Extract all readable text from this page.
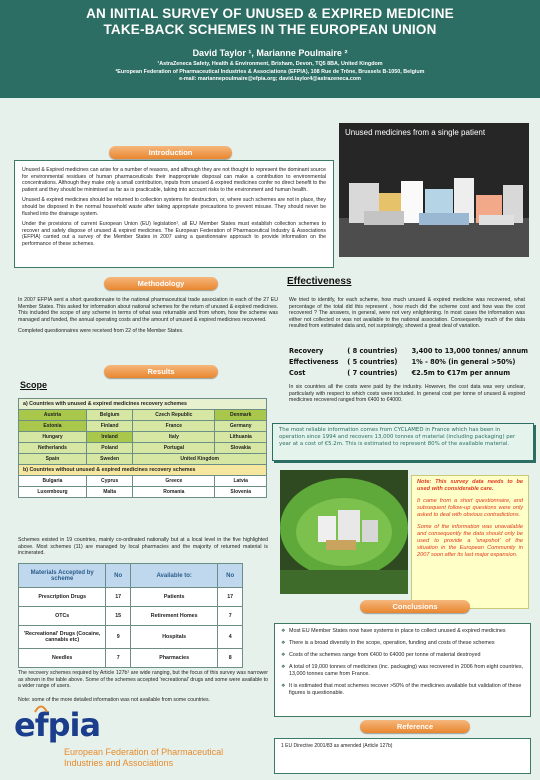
AN INITIAL SURVEY OF UNUSED & EXPIRED MEDICINE
TAKE-BACK SCHEMES IN THE EUROPEAN UNION
David Taylor ¹, Marianne Poulmaire ²
¹AstraZeneca Safety, Health & Environment, Brixham, Devon, TQ5 8BA, United Kingdom
²European Federation of Pharmaceutical Industries & Associations (EFPIA), 108 Rue de Trône, Brussels B-1050, Belgium
e-mail: mariannepoulmaire@efpia.org; david.taylor4@astrazeneca.com
Introduction

Unused & Expired medicines can arise for a number of reasons, and although they are not thought to represent the dominant source for environmental residues of human pharmaceuticals their inappropriate disposal can make a contribution to environmental concentrations. Although they make only a small contribution, inputs from unused & expired medicines confer no direct benefit to the patient and they should be minimised as far as is practicable, taking into account risks to the environment and human health.

Unused & expired medicines should be returned to collection systems for destruction, or, where such schemes are not in place, they should be disposed in the normal household waste after taking appropriate precautions to prevent misuse. They should never be flushed into the drainage system.

Under the provisions of current European Union (EU) legislation¹, all EU Member States must establish collection schemes to recover and safely dispose of unused & expired medicines. The European Federation of Pharmaceutical Industry & Associations (EFPIA) carried out a survey of the Member States in 2007 using a questionnaire approach to provide information on the performance of these schemes.

Unused medicines from a single patient
Methodology

In 2007 EFPIA sent a short questionnaire to the national pharmaceutical trade association in each of the 27 EU Member States. This asked for information about national schemes for the return of unused & expired medicines. This included the scope of any scheme in terms of what was returnable and from whom, how the scheme was managed and funded, the annual operating costs and the amount of unused & expired medicines recovered.

Completed questionnaires were received from 22 of the Member States.

Results
Scope
a) Countries with unused & expired medicines recovery schemes			
Austria	Belgium	Czech Republic	Denmark
Estonia	Finland	France	Germany
Hungary	Ireland	Italy	Lithuania
Netherlands	Poland	Portugal	Slovakia
Spain	Sweden	United Kingdom	
b) Countries without unused & expired medicines recovery schemes			
Bulgaria	Cyprus	Greece	Latvia
Luxembourg	Malta	Romania	Slovenia
Schemes existed in 19 countries, mainly co-ordinated nationally but at a local level in the five highlighted above. Most schemes (11) are managed by local pharmacies and the majority of returned material is incinerated.
Materials Accepted by scheme	No	Available to:	No
Prescription Drugs	17	Patients	17
OTCs	15	Retirement Homes	7
'Recreational' Drugs (Cocaine, cannabis etc)	9	Hospitals	4
Needles	7	Pharmacies	8
The recovery schemes required by Article 127b¹ are wide ranging, but the focus of this survey was narrower as shown in the table above. Some of the schemes accepted 'recreational' drugs and some were available to a wider range of users.
Note: some of the more detailed information was not available from some countries.
Effectiveness
We tried to identify, for each scheme, how much unused & expired medicine was recovered, what percentage of the total did this represent , how much did the scheme cost and how was the cost recovered ? The answers, in general, were not very enlightening. In most cases the information was either not collected or was not available to the national association. Consequently much of the data resulted from estimated data and, not surprisingly, showed a great deal of variation.
Recovery	( 8 countries) 3,400 to 13,000 tonnes/ annum
Effectiveness ( 5 countries) 1% - 80% (in general >50%)
Cost	( 7 countries) €2.5m to €17m per annum
In six countries all the costs were paid by the industry. However, the cost data was very unclear, particularly with respect to which costs were included. In general cost per tonne of unused & expired medicines recovered ranged from €400 to €4000.
The most reliable information comes from CYCLAMED in France which has been in operation since 1994 and recovers 13,000 tonnes of material (including packaging) per year at a cost of €5.2m. This is estimated to represent 80% of the available material.

Note: This survey data needs to be used with considerable care.

It came from a short questionnaire, and subsequent follow-up questions were only asked to deal with obvious contradictions.

Some of the information was unavailable and consequently the data should only be used to provide a 'snapshot' of the situation in the European Community in 2007 soon after its last major expansion.

Conclusions
❖ Most EU Member States now have systems in place to collect unused & expired medicines
❖ There is a broad diversity in the scope, operation, funding and costs of these schemes
❖ Costs of the schemes range from €400 to €4000 per tonne of material destroyed
❖ A total of 19,000 tonnes of medicines (inc. packaging) was recovered in 2006 from eight countries, 13,000 tonnes came from France.
❖ It is estimated that most schemes recover >50% of the medicines available but validation of these figures is questionable.
Reference
1 EU Directive 2001/83 as amended (Article 127b)
efpia
European Federation of Pharmaceutical
Industries and Associations
